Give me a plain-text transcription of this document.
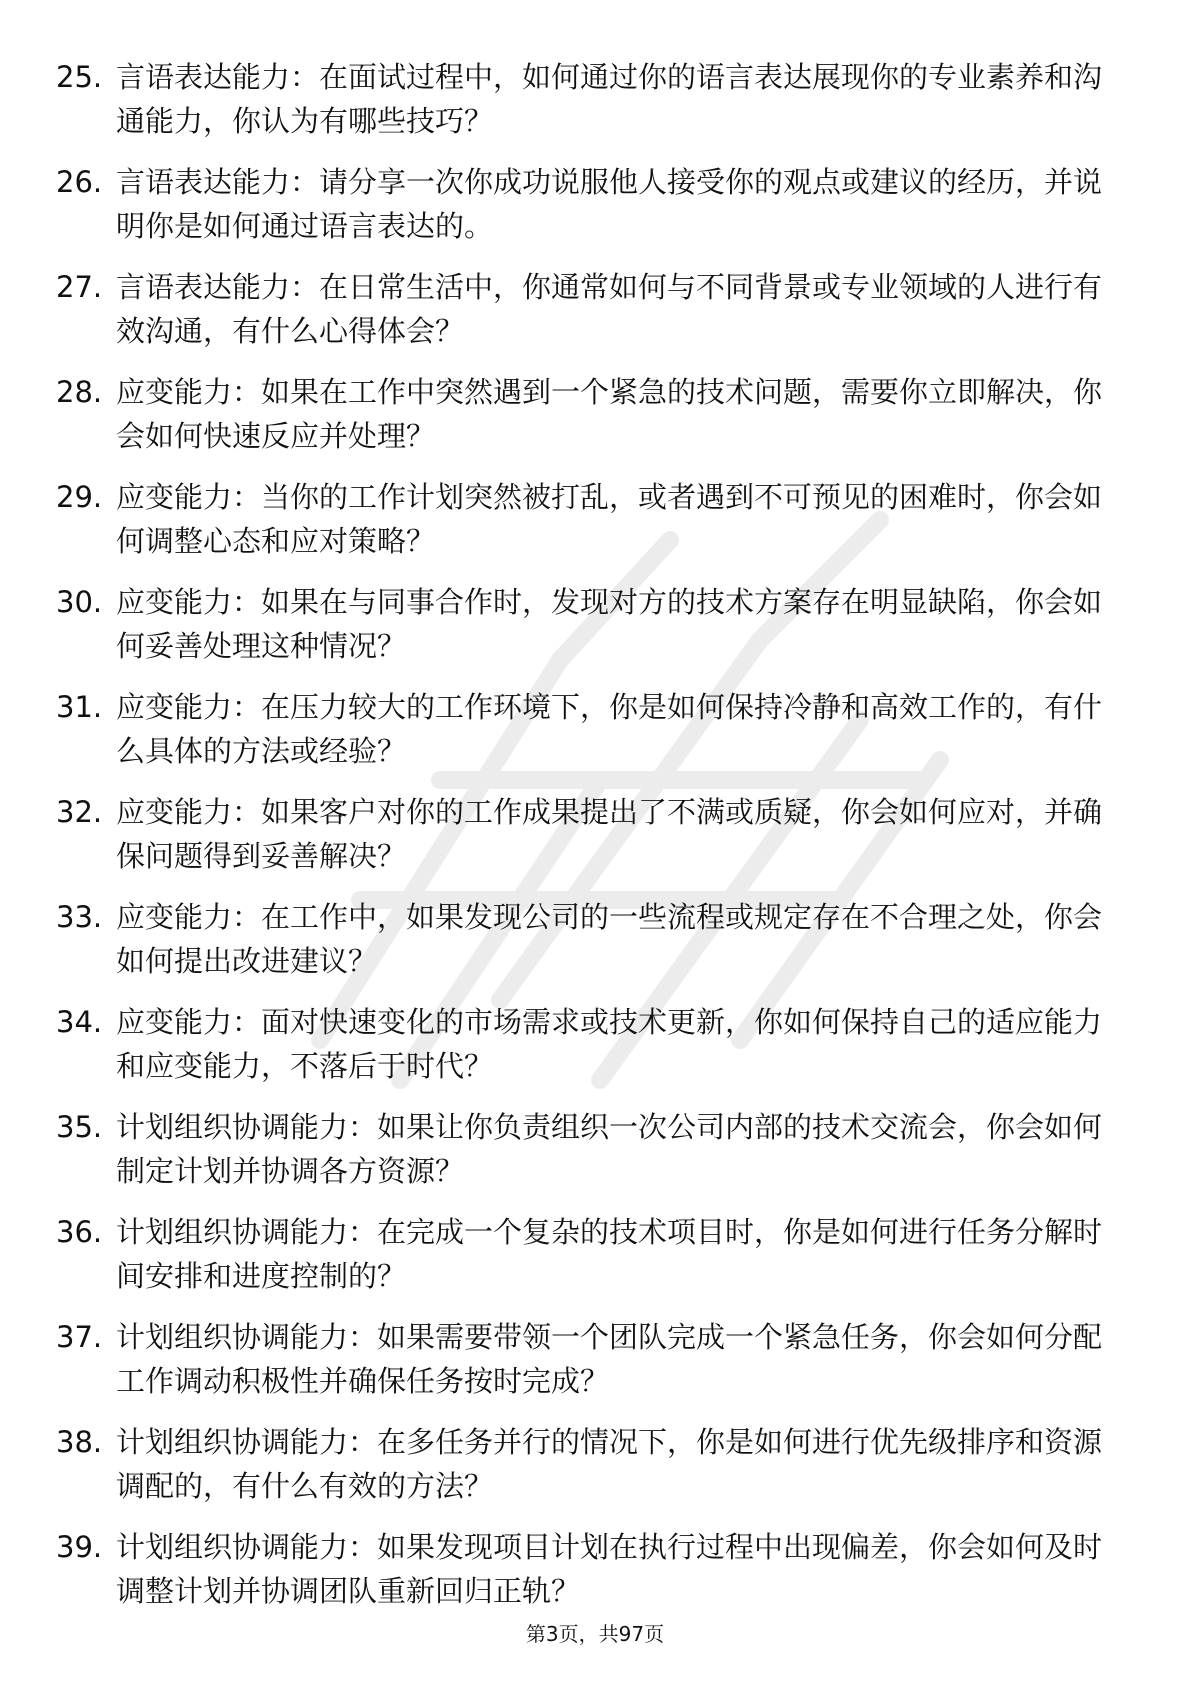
25. 言语表达能力：在面试过程中，如何通过你的语言表达展现你的专业素养和沟通能力，你认为有哪些技巧？
26. 言语表达能力：请分享一次你成功说服他人接受你的观点或建议的经历，并说明你是如何通过语言表达的。
27. 言语表达能力：在日常生活中，你通常如何与不同背景或专业领域的人进行有效沟通，有什么心得体会？
28. 应变能力：如果在工作中突然遇到一个紧急的技术问题，需要你立即解决，你会如何快速反应并处理？
29. 应变能力：当你的工作计划突然被打乱，或者遇到不可预见的困难时，你会如何调整心态和应对策略？
30. 应变能力：如果在与同事合作时，发现对方的技术方案存在明显缺陷，你会如何妥善处理这种情况？
31. 应变能力：在压力较大的工作环境下，你是如何保持冷静和高效工作的，有什么具体的方法或经验？
32. 应变能力：如果客户对你的工作成果提出了不满或质疑，你会如何应对，并确保问题得到妥善解决？
33. 应变能力：在工作中，如果发现公司的一些流程或规定存在不合理之处，你会如何提出改进建议？
34. 应变能力：面对快速变化的市场需求或技术更新，你如何保持自己的适应能力和应变能力，不落后于时代？
35. 计划组织协调能力：如果让你负责组织一次公司内部的技术交流会，你会如何制定计划并协调各方资源？
36. 计划组织协调能力：在完成一个复杂的技术项目时，你是如何进行任务分解时间安排和进度控制的？
37. 计划组织协调能力：如果需要带领一个团队完成一个紧急任务，你会如何分配工作调动积极性并确保任务按时完成？
38. 计划组织协调能力：在多任务并行的情况下，你是如何进行优先级排序和资源调配的，有什么有效的方法？
39. 计划组织协调能力：如果发现项目计划在执行过程中出现偏差，你会如何及时调整计划并协调团队重新回归正轨？
第3页，共97页
